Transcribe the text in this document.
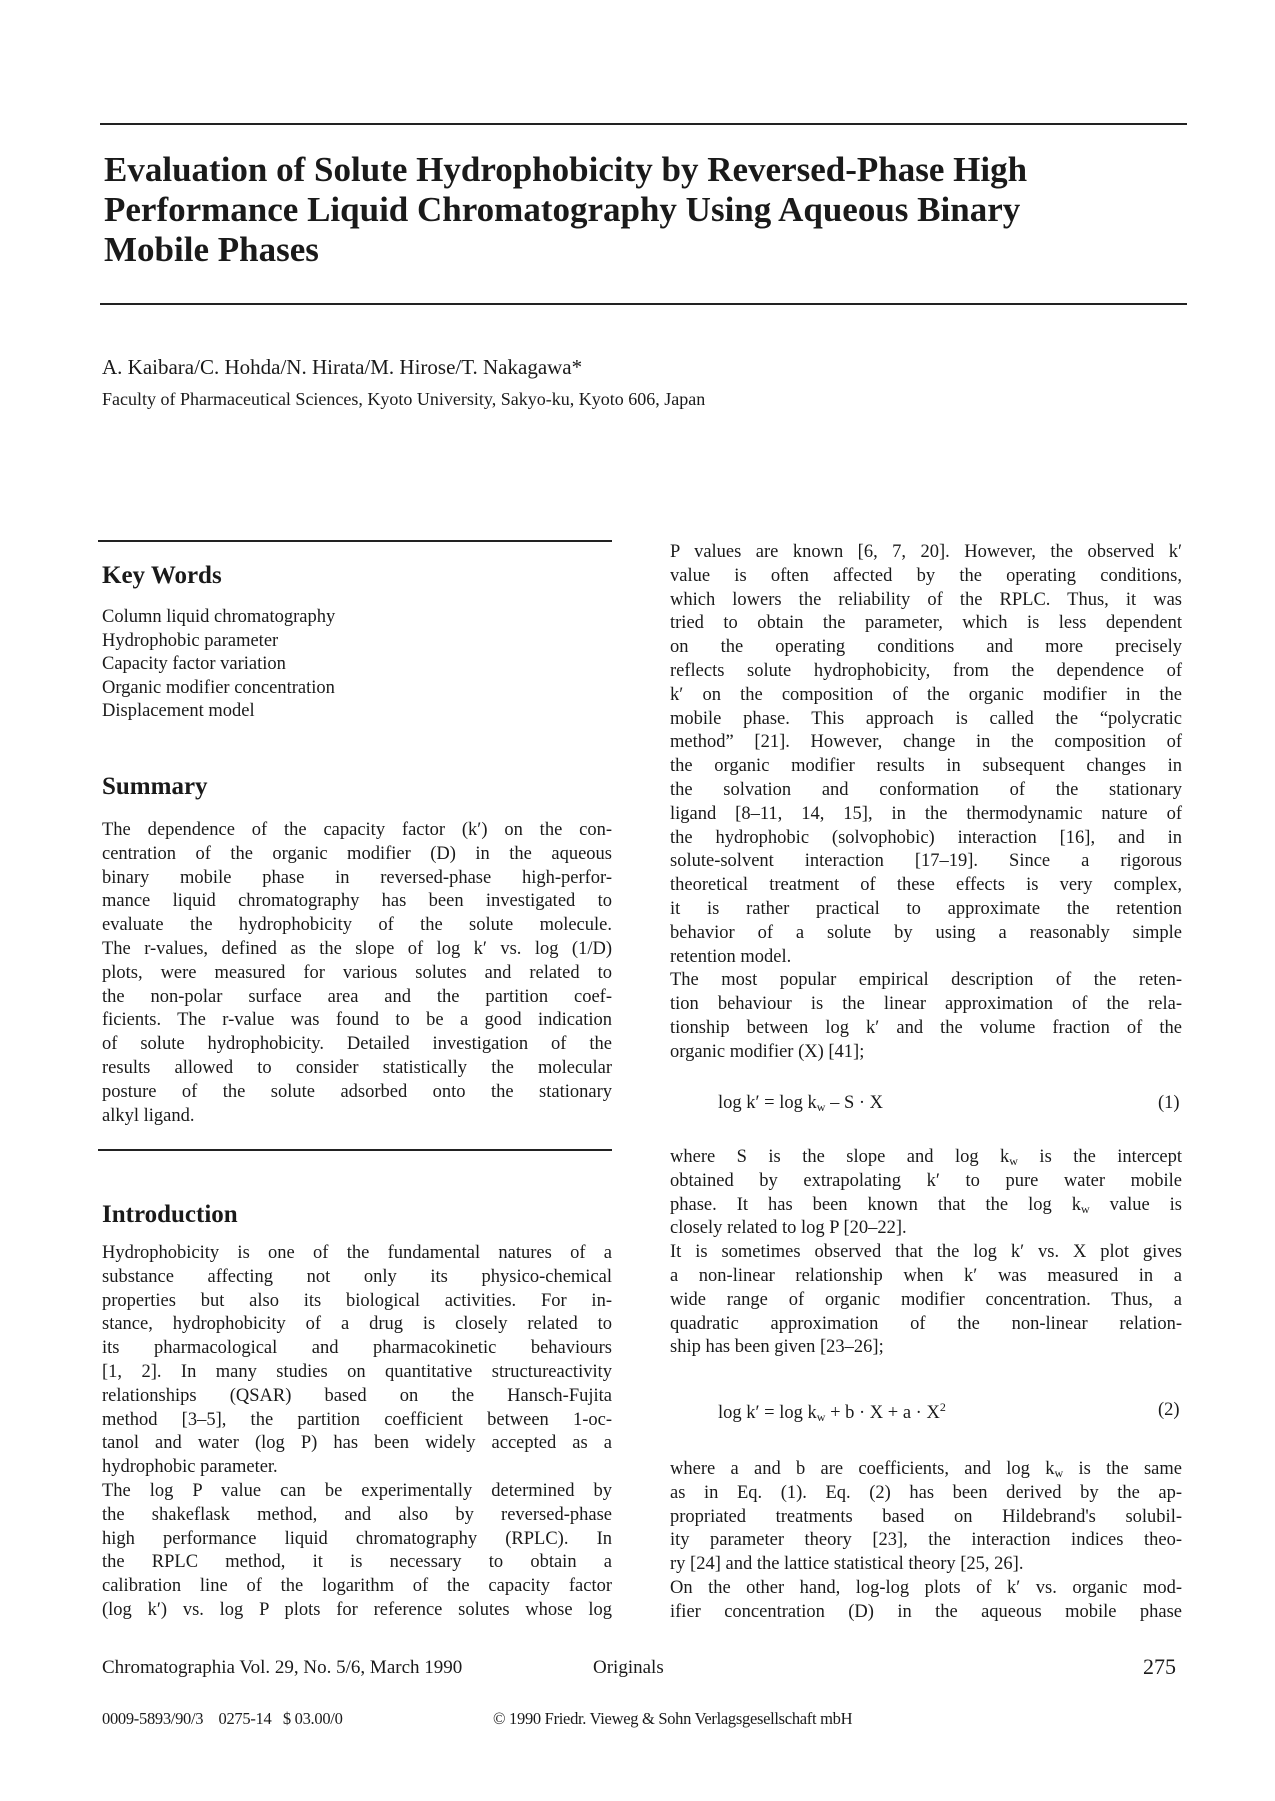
Evaluation of Solute Hydrophobicity by Reversed-Phase High
Performance Liquid Chromatography Using Aqueous Binary
Mobile Phases
A. Kaibara/C. Hohda/N. Hirata/M. Hirose/T. Nakagawa*
Faculty of Pharmaceutical Sciences, Kyoto University, Sakyo-ku, Kyoto 606, Japan
Key Words
Column liquid chromatography
Hydrophobic parameter
Capacity factor variation
Organic modifier concentration
Displacement model
Summary
The dependence of the capacity factor (k′) on the con-
centration of the organic modifier (D) in the aqueous
binary mobile phase in reversed-phase high-perfor-
mance liquid chromatography has been investigated to
evaluate the hydrophobicity of the solute molecule.
The r-values, defined as the slope of log k′ vs. log (1/D)
plots, were measured for various solutes and related to
the non-polar surface area and the partition coef-
ficients. The r-value was found to be a good indication
of solute hydrophobicity. Detailed investigation of the
results allowed to consider statistically the molecular
posture of the solute adsorbed onto the stationary
alkyl ligand.
Introduction
Hydrophobicity is one of the fundamental natures of a
substance affecting not only its physico-chemical
properties but also its biological activities. For in-
stance, hydrophobicity of a drug is closely related to
its pharmacological and pharmacokinetic behaviours
[1, 2]. In many studies on quantitative structureactivity
relationships (QSAR) based on the Hansch-Fujita
method [3–5], the partition coefficient between 1-oc-
tanol and water (log P) has been widely accepted as a
hydrophobic parameter.
The log P value can be experimentally determined by
the shakeflask method, and also by reversed-phase
high performance liquid chromatography (RPLC). In
the RPLC method, it is necessary to obtain a
calibration line of the logarithm of the capacity factor
(log k′) vs. log P plots for reference solutes whose log
P values are known [6, 7, 20]. However, the observed k′
value is often affected by the operating conditions,
which lowers the reliability of the RPLC. Thus, it was
tried to obtain the parameter, which is less dependent
on the operating conditions and more precisely
reflects solute hydrophobicity, from the dependence of
k′ on the composition of the organic modifier in the
mobile phase. This approach is called the “polycratic
method” [21]. However, change in the composition of
the organic modifier results in subsequent changes in
the solvation and conformation of the stationary
ligand [8–11, 14, 15], in the thermodynamic nature of
the hydrophobic (solvophobic) interaction [16], and in
solute-solvent interaction [17–19]. Since a rigorous
theoretical treatment of these effects is very complex,
it is rather practical to approximate the retention
behavior of a solute by using a reasonably simple
retention model.
The most popular empirical description of the reten-
tion behaviour is the linear approximation of the rela-
tionship between log k′ and the volume fraction of the
organic modifier (X) [41];
$\log k' = \log k_w - S \cdot X$	(1)
where S is the slope and $\log k_w$ is the intercept
obtained by extrapolating k′ to pure water mobile
phase. It has been known that the $\log k_w$ value is
closely related to log P [20–22].
It is sometimes observed that the log k′ vs. X plot gives
a non-linear relationship when k′ was measured in a
wide range of organic modifier concentration. Thus, a
quadratic approximation of the non-linear relation-
ship has been given [23–26];
$\log k' = \log k_w + b \cdot X + a \cdot X^2$	(2)
where a and b are coefficients, and $\log k_w$ is the same
as in Eq. (1). Eq. (2) has been derived by the ap-
propriated treatments based on Hildebrand's solubil-
ity parameter theory [23], the interaction indices theo-
ry [24] and the lattice statistical theory [25, 26].
On the other hand, log-log plots of k′ vs. organic mod-
ifier concentration (D) in the aqueous mobile phase
Chromatographia Vol. 29, No. 5/6, March 1990	Originals	275
0009-5893/90/3    0275-14   $ 03.00/0	© 1990 Friedr. Vieweg & Sohn Verlagsgesellschaft mbH
